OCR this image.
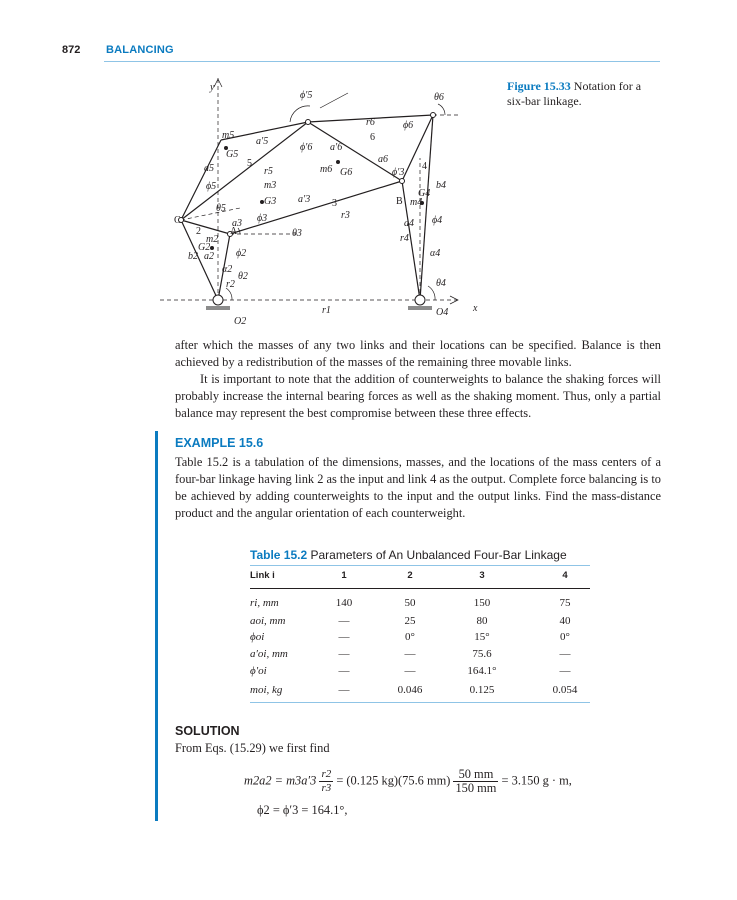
872 BALANCING
y
x
ϕ′5
r6
6
ϕ6
θ6
m5
a′5
G5
ϕ′6 a′6
a6
5
a5	r5	m6 G6	ϕ′3
4
ϕ5	m3	b4
G4
G3 a′3 3	B m4
θ5
r3
C	ϕ3
a3	a4 ϕ4
2	A	θ3	r4
m2
α4
G2
ϕ2
b2 a2
α2
θ2
θ4
r2
O2
r1	O4
Figure 15.33 Notation for a six-bar linkage.

after which the masses of any two links and their locations can be specified. Balance is then achieved by a redistribution of the masses of the remaining three movable links.

It is important to note that the addition of counterweights to balance the shaking forces will probably increase the internal bearing forces as well as the shaking moment. Thus, only a partial balance may represent the best compromise between these three effects.

EXAMPLE 15.6

Table 15.2 is a tabulation of the dimensions, masses, and the locations of the mass centers of a four-bar linkage having link 2 as the input and link 4 as the output. Complete force balancing is to be achieved by adding counterweights to the input and the output links. Find the mass-distance product and the angular orientation of each counterweight.

Table 15.2 Parameters of An Unbalanced Four-Bar Linkage
Link i	1	2	3	4
ri, mm	140	50	150	75
aoi, mm	—	25	80	40
ϕoi	—	0°	15°	0°
a′oi, mm	—	—	75.6	—
ϕ′oi	—	—	164.1°	—
moi, kg	—	0.046	0.125	0.054
SOLUTION
From Eqs. (15.29) we first find
$m2a2 = m3a'3 \frac{r2}{r3} = (0.125$ kg)(75.6 $mm) \frac{50 mm}{150 mm} = 3.150$ g · m,
ϕ2 = ϕ′3 = 164.1°,
